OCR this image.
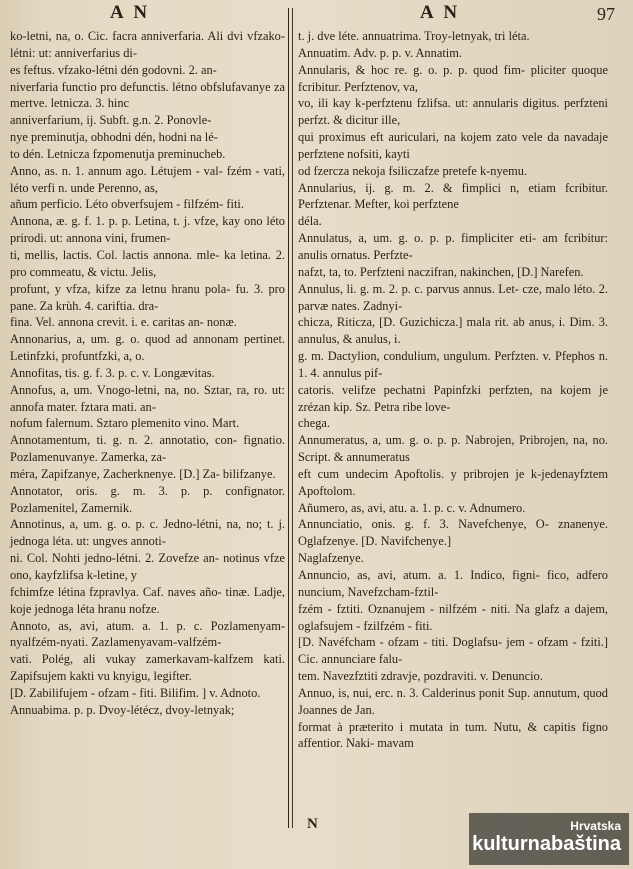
A N	A N	97

ko-letni, na, o. Cic. facra anniverfaria. Ali dvi vfzako-létni: ut: anniverfarius di-

es feftus. vfzako-létni dén godovni. 2. an-

niverfaria functio pro defunctis. létno obfslufavanye za mertve. letnicza. 3. hinc

anniverfarium, ij. Subft. g.n. 2. Ponovle-

nye preminutja, obhodni dén, hodni na lé-

to dén. Letnicza fzpomenutja preminucheb.

Anno, as. n. 1. annum ago. Létujem - val- fzém - vati, léto verfi n. unde Perenno, as,

añum perficio. Léto obverfsujem - filfzém- fiti.

Annona, æ. g. f. 1. p. p. Letina, t. j. vfze, kay ono léto prirodi. ut: annona vini, frumen-

ti, mellis, lactis. Col. lactis annona. mle- ka letina. 2. pro commeatu, & victu. Jelis,

profunt, y vfza, kifze za letnu hranu pola- fu. 3. pro pane. Za krùh. 4. cariftia. dra-

fina. Vel. annona crevit. i. e. caritas an- nonæ.

Annonarius, a, um. g. o. quod ad annonam pertinet. Letinfzki, profuntfzki, a, o.

Annofitas, tis. g. f. 3. p. c. v. Longævitas.

Annofus, a, um. Vnogo-letni, na, no. Sztar, ra, ro. ut: annofa mater. fztara mati. an-

nofum falernum. Sztaro plemenito vino. Mart.

Annotamentum, ti. g. n. 2. annotatio, con- fignatio. Pozlamenuvanye. Zamerka, za-

méra, Zapifzanye, Zacherknenye. [D.] Za- bilifzanye.

Annotator, oris. g. m. 3. p. p. confignator. Pozlamenitel, Zamernik.

Annotinus, a, um. g. o. p. c. Jedno-létni, na, no; t. j. jednoga léta. ut: ungves annoti-

ni. Col. Nohti jedno-létni. 2. Zovefze an- notinus vfze ono, kayfzlifsa k-letine, y

fchimfze létina fzpravlya. Caf. naves año- tinæ. Ladje, koje jednoga léta hranu nofze.

Annoto, as, avi, atum. a. 1. p. c. Pozlamenyam- nyalfzém-nyati. Zazlamenyavam-valfzém-

vati. Polég, ali vukay zamerkavam-kalfzem kati. Zapifsujem kakti vu knyigu, legifter.

[D. Zabilifujem - ofzam - fiti. Bilifim. ] v. Adnoto.

Annuabima. p. p. Dvoy-létécz, dvoy-letnyak;

t. j. dve léte. annuatrima. Troy-letnyak, tri léta.

Annuatim. Adv. p. p. v. Annatim.

Annularis, & hoc re. g. o. p. p. quod fim- pliciter quoque fcribitur. Perfztenov, va,

vo, ili kay k-perfztenu fzlifsa. ut: annularis digitus. perfzteni perfzt. & dicitur ille,

qui proximus eft auriculari, na kojem zato vele da navadaje perfztene nofsiti, kayti

od fzercza nekoja fsiliczafze pretefe k-nyemu.

Annularius, ij. g. m. 2. & fimplici n, etiam fcribitur. Perfztenar. Mefter, koi perfztene

déla.

Annulatus, a, um. g. o. p. p. fimpliciter eti- am fcribitur: anulis ornatus. Perfzte-

nafzt, ta, to. Perfzteni naczifran, nakinchen, [D.] Narefen.

Annulus, li. g. m. 2. p. c. parvus annus. Let- cze, malo léto. 2. parvæ nates. Zadnyi-

chicza, Riticza, [D. Guzichicza.] mala rit. ab anus, i. Dim. 3. annulus, & anulus, i.

g. m. Dactylion, condulium, ungulum. Perfzten. v. Pfephos n. 1. 4. annulus pif-

catoris. velifze pechatni Papinfzki perfzten, na kojem je zrézan kip. Sz. Petra ribe love-

chega.

Annumeratus, a, um. g. o. p. p. Nabrojen, Pribrojen, na, no. Script. & annumeratus

eft cum undecim Apoftolis. y pribrojen je k-jedenayfztem Apoftolom.

Añumero, as, avi, atu. a. 1. p. c. v. Adnumero.

Annunciatio, onis. g. f. 3. Navefchenye, O- znanenye. Oglafzenye. [D. Navifchenye.]

Naglafzenye.

Annuncio, as, avi, atum. a. 1. Indico, figni- fico, adfero nuncium, Navefzcham-fztil-

fzém - fztiti. Oznanujem - nilfzém - niti. Na glafz a dajem, oglafsujem - fzilfzém - fiti.

[D. Navéfcham - ofzam - titi. Doglafsu- jem - ofzam - fziti.] Cic. annunciare falu-

tem. Navezfztiti zdravje, pozdraviti. v. Denuncio.

Annuo, is, nui, erc. n. 3. Calderinus ponit Sup. annutum, quod Joannes de Jan.

format à præterito i mutata in tum. Nutu, & capitis figno affentior. Naki- mavam

N	Hrvatska
kulturnabaština
